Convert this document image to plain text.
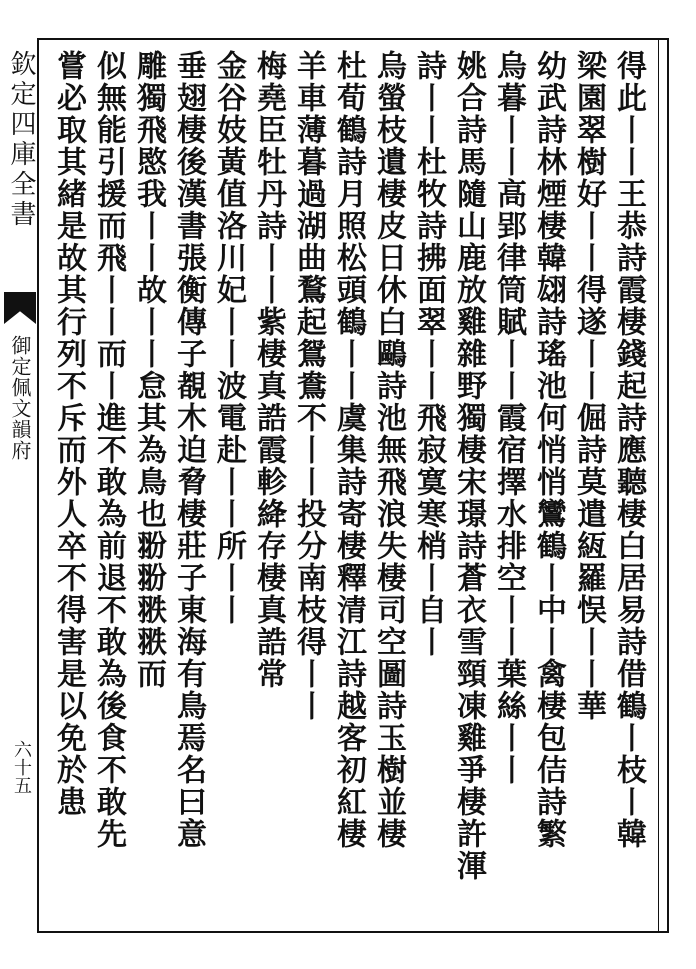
欽定四庫全書
御定佩文韻府
六十五	得此丨丨王恭詩霞棲錢起詩應聽棲白居易詩借鶴丨枝丨韓
梁園翠樹好丨丨得遂丨丨倔詩莫遣絚羅悮丨丨華
幼武詩林煙棲韓翃詩瑤池何悄悄鸞鶴丨中丨禽棲包佶詩繁
烏暮丨丨高郢律筒賦丨丨霞宿擇水排空丨丨葉絲丨丨
姚合詩馬隨山鹿放雞雜野獨棲宋璟詩蒼衣雪頸凍雞爭棲許渾
詩丨丨杜牧詩拂面翠丨丨飛寂寞寒梢丨自丨
烏螢枝遺棲皮日休白鷗詩池無飛浪失棲司空圖詩玉樹並棲
杜荀鶴詩月照松頭鶴丨丨虞集詩寄棲釋清江詩越客初紅棲
羊車薄暮過湖曲鶩起鴛鴦不丨丨投分南枝得丨丨
梅堯臣牡丹詩丨丨紫棲真誥霞軫絳存棲真誥常
金谷妓黃值洛川妃丨丨波電赴丨丨所丨丨
垂翅棲後漢書張衡傳子覩木迫脅棲莊子東海有鳥焉名曰意
雕獨飛愍我丨丨故丨丨怠其為鳥也翂翂翐翐而
似無能引援而飛丨丨而丨進不敢為前退不敢為後食不敢先
嘗必取其緒是故其行列不斥而外人卒不得害是以免於患
